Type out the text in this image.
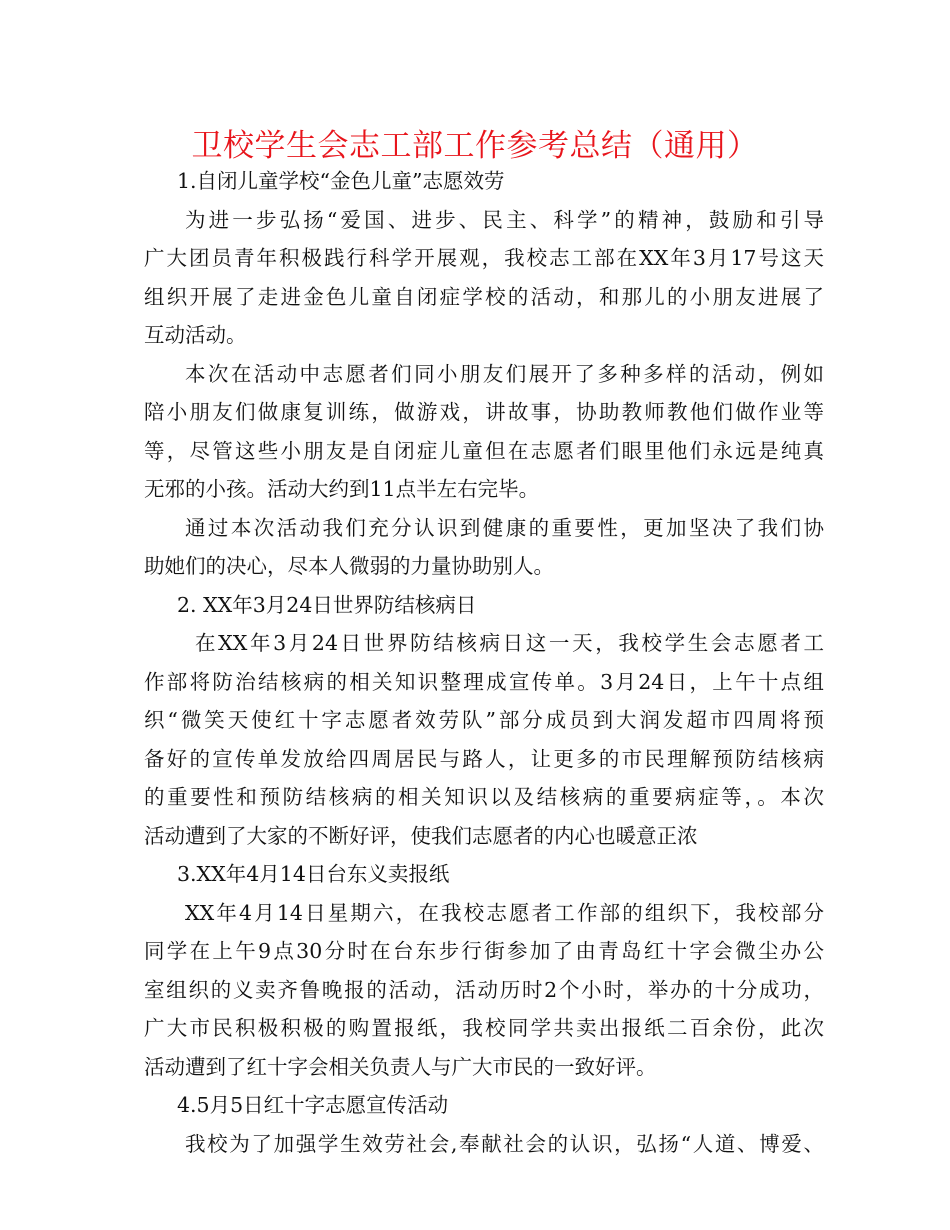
卫校学生会志工部工作参考总结（通用）
1.自闭儿童学校“金色儿童”志愿效劳
为进一步弘扬“爱国、进步、民主、科学”的精神，鼓励和引导
广大团员青年积极践行科学开展观，我校志工部在XX年3月17号这天
组织开展了走进金色儿童自闭症学校的活动，和那儿的小朋友进展了
互动活动。
本次在活动中志愿者们同小朋友们展开了多种多样的活动，例如
陪小朋友们做康复训练，做游戏，讲故事，协助教师教他们做作业等
等，尽管这些小朋友是自闭症儿童但在志愿者们眼里他们永远是纯真
无邪的小孩。活动大约到11点半左右完毕。
通过本次活动我们充分认识到健康的重要性，更加坚决了我们协
助她们的决心，尽本人微弱的力量协助别人。
2. XX年3月24日世界防结核病日
在XX年3月24日世界防结核病日这一天，我校学生会志愿者工
作部将防治结核病的相关知识整理成宣传单。3月24日，上午十点组
织“微笑天使红十字志愿者效劳队”部分成员到大润发超市四周将预
备好的宣传单发放给四周居民与路人，让更多的市民理解预防结核病
的重要性和预防结核病的相关知识以及结核病的重要病症等，。本次
活动遭到了大家的不断好评，使我们志愿者的内心也暖意正浓
3.XX年4月14日台东义卖报纸
XX年4月14日星期六，在我校志愿者工作部的组织下，我校部分
同学在上午9点30分时在台东步行街参加了由青岛红十字会微尘办公
室组织的义卖齐鲁晚报的活动，活动历时2个小时，举办的十分成功，
广大市民积极积极的购置报纸，我校同学共卖出报纸二百余份，此次
活动遭到了红十字会相关负责人与广大市民的一致好评。
4.5月5日红十字志愿宣传活动
我校为了加强学生效劳社会,奉献社会的认识，弘扬“人道、博爱、
